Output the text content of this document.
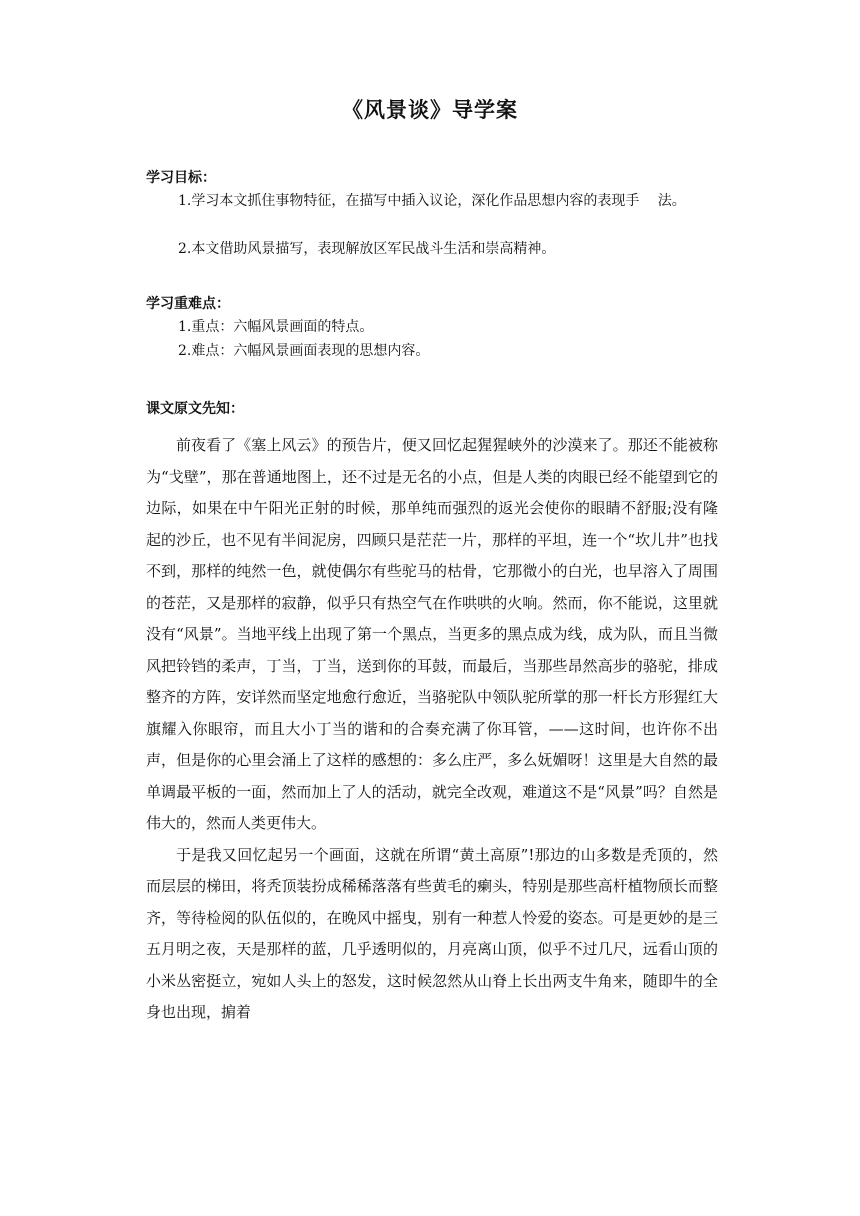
《风景谈》导学案
学习目标：
1.学习本文抓住事物特征，在描写中插入议论，深化作品思想内容的表现手　 法。
2.本文借助风景描写，表现解放区军民战斗生活和崇高精神。
学习重难点：
1.重点：六幅风景画面的特点。
2.难点：六幅风景画面表现的思想内容。
课文原文先知：

前夜看了《塞上风云》的预告片，便又回忆起猩猩峡外的沙漠来了。那还不能被称为“戈壁”，那在普通地图上，还不过是无名的小点，但是人类的肉眼已经不能望到它的边际，如果在中午阳光正射的时候，那单纯而强烈的返光会使你的眼睛不舒服;没有隆起的沙丘，也不见有半间泥房，四顾只是茫茫一片，那样的平坦，连一个“坎儿井”也找不到，那样的纯然一色，就使偶尔有些驼马的枯骨，它那微小的白光，也早溶入了周围的苍茫，又是那样的寂静，似乎只有热空气在作哄哄的火响。然而，你不能说，这里就没有“风景”。当地平线上出现了第一个黑点，当更多的黑点成为线，成为队，而且当微风把铃铛的柔声，丁当，丁当，送到你的耳鼓，而最后，当那些昂然高步的骆驼，排成整齐的方阵，安详然而坚定地愈行愈近，当骆驼队中领队驼所掌的那一杆长方形猩红大旗耀入你眼帘，而且大小丁当的谐和的合奏充满了你耳管，——这时间，也许你不出声，但是你的心里会涌上了这样的感想的：多么庄严，多么妩媚呀！这里是大自然的最单调最平板的一面，然而加上了人的活动，就完全改观，难道这不是“风景”吗？自然是伟大的，然而人类更伟大。

于是我又回忆起另一个画面，这就在所谓“黄土高原”!那边的山多数是秃顶的，然而层层的梯田，将秃顶装扮成稀稀落落有些黄毛的瘌头，特别是那些高杆植物颀长而整齐，等待检阅的队伍似的，在晚风中摇曳，别有一种惹人怜爱的姿态。可是更妙的是三五月明之夜，天是那样的蓝，几乎透明似的，月亮离山顶，似乎不过几尺，远看山顶的小米丛密挺立，宛如人头上的怒发，这时候忽然从山脊上长出两支牛角来，随即牛的全身也出现，掮着
